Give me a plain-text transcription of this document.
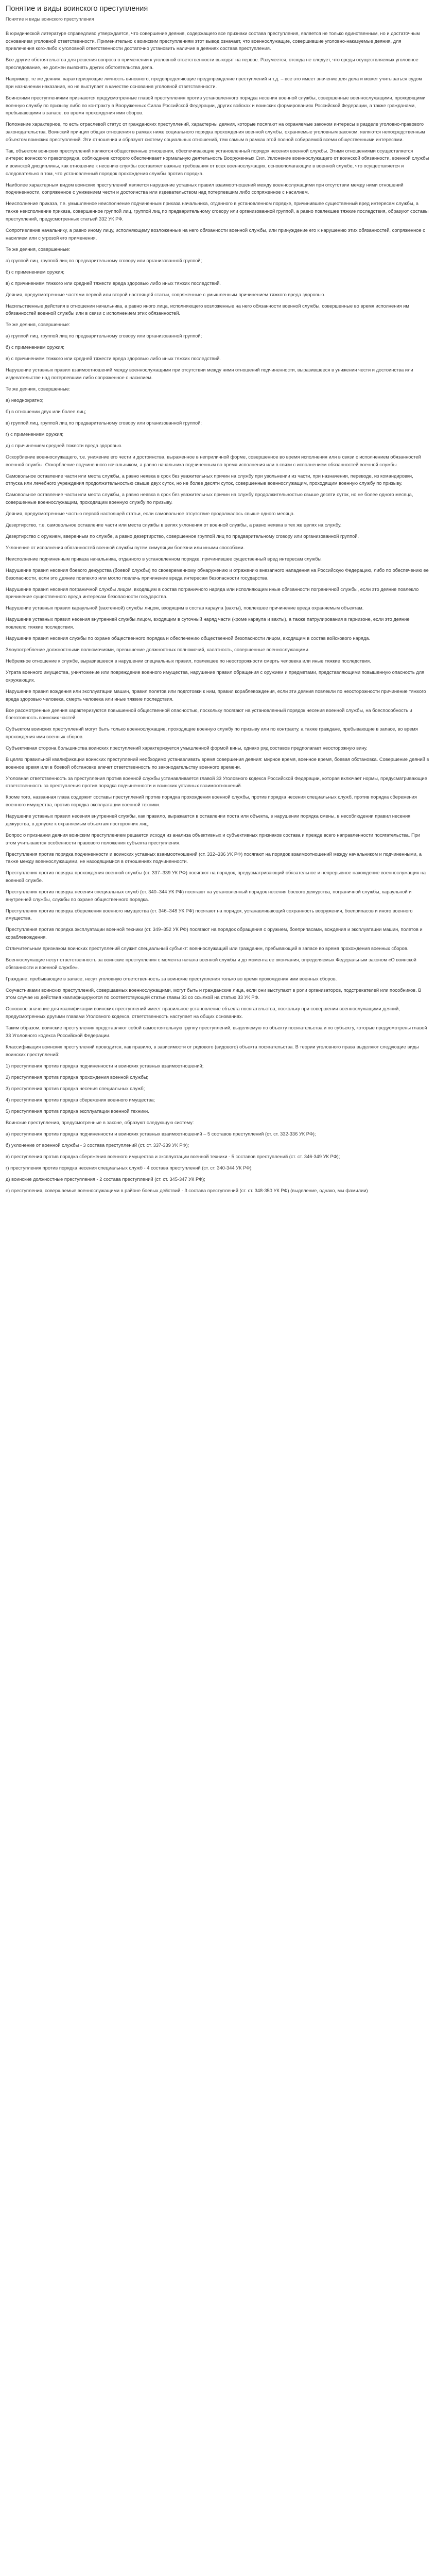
Понятие и виды воинского преступления
Понятие и виды воинского преступления

В юридической литературе справедливо утверждается, что совершение деяния, содержащего все признаки состава преступления, является не только единственным, но и достаточным основанием уголовной ответственности. Применительно к воинским преступлениям этот вывод означает, что военнослужащие, совершившие уголовно-наказуемые деяния, для привлечения кого-либо к уголовной ответственности достаточно установить наличие в деяниях состава преступления.

Все другие обстоятельства для решения вопроса о применении к уголовной ответственности выходят на первое. Разумеется, отсюда не следует, что среды осуществляемых уголовное преследование, не должен выяснять других обстоятельства дела.

Например, те же деяния, характеризующие личность виновного, предопределяющие предупреждение преступлений и т.д. – все это имеет значение для дела и может учитываться судом при назначении наказания, но не выступает в качестве основания уголовной ответственности.

Воинскими преступлениями признаются предусмотренные главой преступления против установленного порядка несения военной службы, совершенные военнослужащими, проходящими военную службу по призыву либо по контракту в Вооруженных Силах Российской Федерации, других войсках и воинских формированиях Российской Федерации, а также гражданами, пребывающими в запасе, во время прохождения ими сборов.

Положение характерное, то есть отраслевой статус от гражданских преступлений, характерны деяния, которые посягают на охраняемые законом интересы в разделе уголовно-правового законодательства. Воинский принцип общая отношения в рамках ниже социального порядка прохождения военной службы, охраняемые уголовным законом, являются непосредственным объектом воинских преступлений. Эти отношения и образуют систему социальных отношений, тем самым в рамках этой полной собираемой всеми общественными интересами.

Так, объектом воинских преступлений являются общественные отношения, обеспечивающие установленный порядок несения военной службы. Этими отношениями осуществляется интерес воинского правопорядка, соблюдение которого обеспечивает нормальную деятельность Вооруженных Сил. Уклонение военнослужащего от воинской обязанности, военной службы и воинской дисциплины, как отношение к несению службы составляет важные требования от всех военнослужащих, основополагающие в военной службе, что осуществляется и следовательно в том, что установленный порядок прохождения службы против порядка.

Наиболее характерным видом воинских преступлений является нарушение уставных правил взаимоотношений между военнослужащими при отсутствии между ними отношений подчиненности, сопряженное с унижением чести и достоинства или издевательством над потерпевшим либо сопряженное с насилием.

Неисполнение приказа, т.е. умышленное неисполнение подчиненным приказа начальника, отданного в установленном порядке, причинившее существенный вред интересам службы, а также неисполнение приказа, совершенное группой лиц, группой лиц по предварительному сговору или организованной группой, а равно повлекшее тяжкие последствия, образуют составы преступлений, предусмотренных статьей 332 УК РФ.

Сопротивление начальнику, а равно иному лицу, исполняющему возложенные на него обязанности военной службы, или принуждение его к нарушению этих обязанностей, сопряженное с насилием или с угрозой его применения.

Те же деяния, совершенные:

а) группой лиц, группой лиц по предварительному сговору или организованной группой;

б) с применением оружия;

в) с причинением тяжкого или средней тяжести вреда здоровью либо иных тяжких последствий.

Деяния, предусмотренные частями первой или второй настоящей статьи, сопряженные с умышленным причинением тяжкого вреда здоровью.

Насильственные действия в отношении начальника, а равно иного лица, исполняющего возложенные на него обязанности военной службы, совершенные во время исполнения им обязанностей военной службы или в связи с исполнением этих обязанностей.

Те же деяния, совершенные:

а) группой лиц, группой лиц по предварительному сговору или организованной группой;

б) с применением оружия;

в) с причинением тяжкого или средней тяжести вреда здоровью либо иных тяжких последствий.

Нарушение уставных правил взаимоотношений между военнослужащими при отсутствии между ними отношений подчиненности, выразившееся в унижении чести и достоинства или издевательстве над потерпевшим либо сопряженное с насилием.

Те же деяния, совершенные:

а) неоднократно;

б) в отношении двух или более лиц;

в) группой лиц, группой лиц по предварительному сговору или организованной группой;

г) с применением оружия;

д) с причинением средней тяжести вреда здоровью.

Оскорбление военнослужащего, т.е. унижение его чести и достоинства, выраженное в неприличной форме, совершенное во время исполнения или в связи с исполнением обязанностей военной службы. Оскорбление подчиненного начальником, а равно начальника подчиненным во время исполнения или в связи с исполнением обязанностей военной службы.

Самовольное оставление части или места службы, а равно неявка в срок без уважительных причин на службу при увольнении из части, при назначении, переводе, из командировки, отпуска или лечебного учреждения продолжительностью свыше двух суток, но не более десяти суток, совершенные военнослужащим, проходящим военную службу по призыву.

Самовольное оставление части или места службы, а равно неявка в срок без уважительных причин на службу продолжительностью свыше десяти суток, но не более одного месяца, совершенные военнослужащим, проходящим военную службу по призыву.

Деяния, предусмотренные частью первой настоящей статьи, если самовольное отсутствие продолжалось свыше одного месяца.

Дезертирство, т.е. самовольное оставление части или места службы в целях уклонения от военной службы, а равно неявка в тех же целях на службу.

Дезертирство с оружием, вверенным по службе, а равно дезертирство, совершенное группой лиц по предварительному сговору или организованной группой.

Уклонение от исполнения обязанностей военной службы путем симуляции болезни или иными способами.

Неисполнение подчиненным приказа начальника, отданного в установленном порядке, причинившее существенный вред интересам службы.

Нарушение правил несения боевого дежурства (боевой службы) по своевременному обнаружению и отражению внезапного нападения на Российскую Федерацию, либо по обеспечению ее безопасности, если это деяние повлекло или могло повлечь причинение вреда интересам безопасности государства.

Нарушение правил несения пограничной службы лицом, входящим в состав пограничного наряда или исполняющим иные обязанности пограничной службы, если это деяние повлекло причинение существенного вреда интересам безопасности государства.

Нарушение уставных правил караульной (вахтенной) службы лицом, входящим в состав караула (вахты), повлекшее причинение вреда охраняемым объектам.

Нарушение уставных правил несения внутренней службы лицом, входящим в суточный наряд части (кроме караула и вахты), а также патрулирования в гарнизоне, если это деяние повлекло тяжкие последствия.

Нарушение правил несения службы по охране общественного порядка и обеспечению общественной безопасности лицом, входящим в состав войскового наряда.

Злоупотребление должностными полномочиями, превышение должностных полномочий, халатность, совершенные военнослужащими.

Небрежное отношение к службе, выразившееся в нарушении специальных правил, повлекшее по неосторожности смерть человека или иные тяжкие последствия.

Утрата военного имущества, уничтожение или повреждение военного имущества, нарушение правил обращения с оружием и предметами, представляющими повышенную опасность для окружающих.

Нарушение правил вождения или эксплуатации машин, правил полетов или подготовки к ним, правил кораблевождения, если эти деяния повлекли по неосторожности причинение тяжкого вреда здоровью человека, смерть человека или иные тяжкие последствия.

Все рассмотренные деяния характеризуются повышенной общественной опасностью, поскольку посягают на установленный порядок несения военной службы, на боеспособность и боеготовность воинских частей.

Субъектом воинских преступлений могут быть только военнослужащие, проходящие военную службу по призыву или по контракту, а также граждане, пребывающие в запасе, во время прохождения ими военных сборов.

Субъективная сторона большинства воинских преступлений характеризуется умышленной формой вины, однако ряд составов предполагает неосторожную вину.

В целях правильной квалификации воинских преступлений необходимо устанавливать время совершения деяния: мирное время, военное время, боевая обстановка. Совершение деяний в военное время или в боевой обстановке влечет ответственность по законодательству военного времени.

Уголовная ответственность за преступления против военной службы устанавливается главой 33 Уголовного кодекса Российской Федерации, которая включает нормы, предусматривающие ответственность за преступления против порядка подчиненности и воинских уставных взаимоотношений.

Кроме того, названная глава содержит составы преступлений против порядка прохождения военной службы, против порядка несения специальных служб, против порядка сбережения военного имущества, против порядка эксплуатации военной техники.

Нарушение уставных правил несения внутренней службы, как правило, выражается в оставлении поста или объекта, в нарушении порядка смены, в несоблюдении правил несения дежурства, в допуске к охраняемым объектам посторонних лиц.

Вопрос о признании деяния воинским преступлением решается исходя из анализа объективных и субъективных признаков состава и прежде всего направленности посягательства. При этом учитываются особенности правового положения субъекта преступления.

Преступления против порядка подчиненности и воинских уставных взаимоотношений (ст. 332–336 УК РФ) посягают на порядок взаимоотношений между начальником и подчиненными, а также между военнослужащими, не находящимися в отношениях подчиненности.

Преступления против порядка прохождения военной службы (ст. 337–339 УК РФ) посягают на порядок, предусматривающий обязательное и непрерывное нахождение военнослужащих на военной службе.

Преступления против порядка несения специальных служб (ст. 340–344 УК РФ) посягают на установленный порядок несения боевого дежурства, пограничной службы, караульной и внутренней службы, службы по охране общественного порядка.

Преступления против порядка сбережения военного имущества (ст. 346–348 УК РФ) посягают на порядок, устанавливающий сохранность вооружения, боеприпасов и иного военного имущества.

Преступления против порядка эксплуатации военной техники (ст. 349–352 УК РФ) посягают на порядок обращения с оружием, боеприпасами, вождения и эксплуатации машин, полетов и кораблевождения.

Отличительным признаком воинских преступлений служит специальный субъект: военнослужащий или гражданин, пребывающий в запасе во время прохождения военных сборов.

Военнослужащие несут ответственность за воинские преступления с момента начала военной службы и до момента ее окончания, определяемых Федеральным законом «О воинской обязанности и военной службе».

Граждане, пребывающие в запасе, несут уголовную ответственность за воинские преступления только во время прохождения ими военных сборов.

Соучастниками воинских преступлений, совершаемых военнослужащими, могут быть и гражданские лица, если они выступают в роли организаторов, подстрекателей или пособников. В этом случае их действия квалифицируются по соответствующей статье главы 33 со ссылкой на статью 33 УК РФ.

Основное значение для квалификации воинских преступлений имеет правильное установление объекта посягательства, поскольку при совершении военнослужащими деяний, предусмотренных другими главами Уголовного кодекса, ответственность наступает на общих основаниях.

Таким образом, воинские преступления представляют собой самостоятельную группу преступлений, выделяемую по объекту посягательства и по субъекту, которые предусмотрены главой 33 Уголовного кодекса Российской Федерации.

Классификация воинских преступлений проводится, как правило, в зависимости от родового (видового) объекта посягательства. В теории уголовного права выделяют следующие виды воинских преступлений:

1) преступления против порядка подчиненности и воинских уставных взаимоотношений;

2) преступления против порядка прохождения военной службы;

3) преступления против порядка несения специальных служб;

4) преступления против порядка сбережения военного имущества;

5) преступления против порядка эксплуатации военной техники.

Воинские преступления, предусмотренные в законе, образуют следующую систему:

а) преступления против порядка подчиненности и воинских уставных взаимоотношений – 5 составов преступлений (ст. ст. 332-336 УК РФ);

б) уклонение от военной службы - 3 состава преступлений (ст. ст. 337-339 УК РФ);

в) преступления против порядка сбережения военного имущества и эксплуатации военной техники - 5 составов преступлений (ст. ст. 346-349 УК РФ);

г) преступления против порядка несения специальных служб - 4 состава преступлений (ст. ст. 340-344 УК РФ);

д) воинские должностные преступления - 2 состава преступлений (ст. ст. 345-347 УК РФ);

е) преступления, совершаемые военнослужащими в районе боевых действий - 3 состава преступлений (ст. ст. 348-350 УК РФ) (выделение, однако, мы фамилии)
